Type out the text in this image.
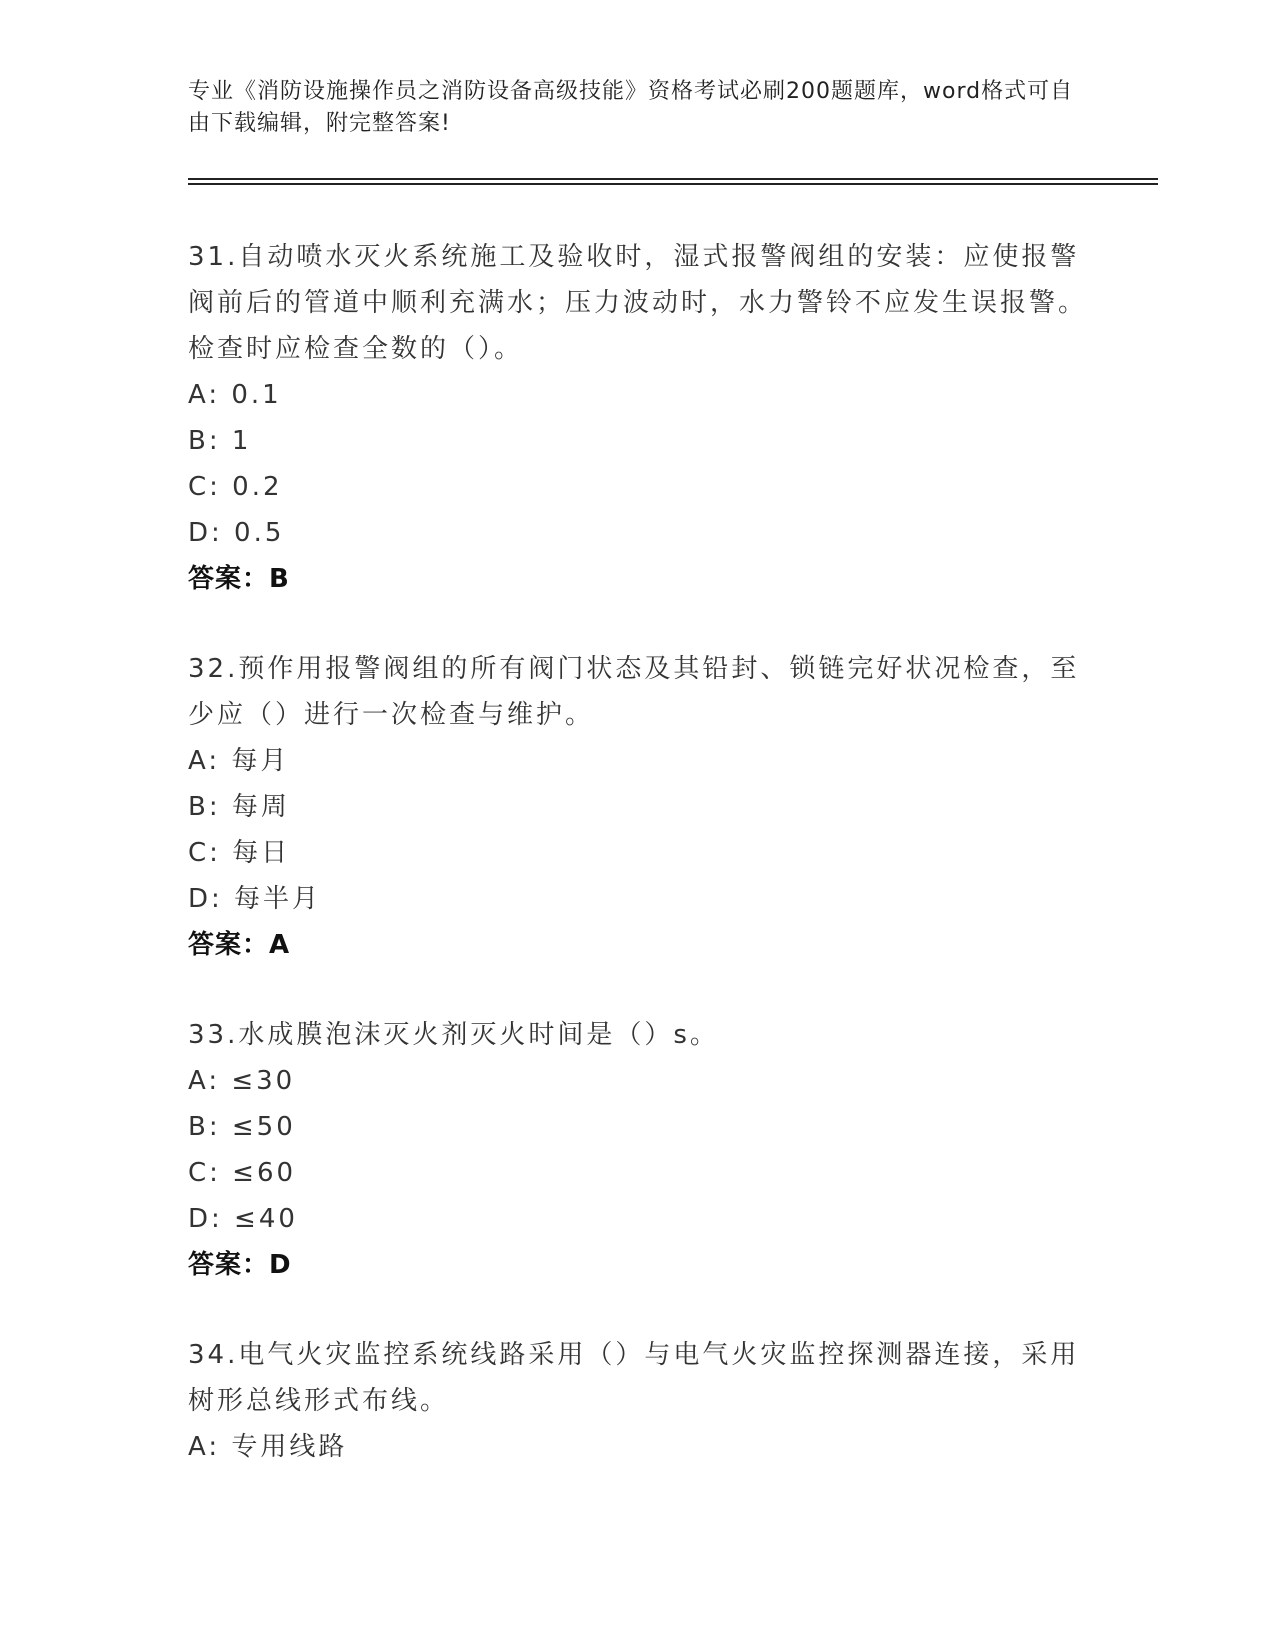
专业《消防设施操作员之消防设备高级技能》资格考试必刷200题题库，word格式可自由下载编辑，附完整答案!

31.自动喷水灭火系统施工及验收时，湿式报警阀组的安装：应使报警阀前后的管道中顺利充满水；压力波动时，水力警铃不应发生误报警。检查时应检查全数的（）。

A: 0.1

B: 1

C: 0.2

D: 0.5

答案：B

32.预作用报警阀组的所有阀门状态及其铅封、锁链完好状况检查，至少应（）进行一次检查与维护。

A: 每月

B: 每周

C: 每日

D: 每半月

答案：A

33.水成膜泡沫灭火剂灭火时间是（）s。

A: ≤30

B: ≤50

C: ≤60

D: ≤40

答案：D

34.电气火灾监控系统线路采用（）与电气火灾监控探测器连接，采用树形总线形式布线。

A: 专用线路
